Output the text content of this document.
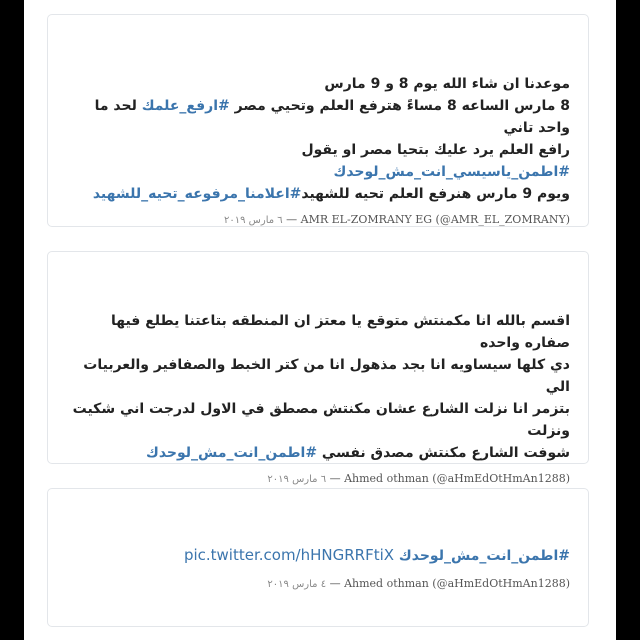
موعدنا ان شاء الله يوم 8 و 9 مارس

8 مارس الساعه 8 مساءً هترفع العلم وتحيي مصر #ارفع_علمك لحد ما واحد تاني

رافع العلم يرد عليك بتحيا مصر او يقول #اطمن_ياسيسي_انت_مش_لوحدك

ويوم 9 مارس هنرفع العلم تحيه للشهيد#اعلامنا_مرفوعه_تحيه_للشهيد

٦ مارس ٢٠١٩ — AMR EL-ZOMRANY EG (@AMR_EL_ZOMRANY)

اقسم بالله انا مكمنتش متوقع يا معتز ان المنطقه بتاعتنا يطلع فيها صفاره واحده

دي كلها سيساويه انا بجد مذهول انا من كتر الخبط والصفافير والعربيات الي

بتزمر انا نزلت الشارع عشان مكنتش مصطق في الاول لدرجت اني شكيت ونزلت

شوفت الشارع مكنتش مصدق نفسي #اطمن_انت_مش_لوحدك

٦ مارس ٢٠١٩ — Ahmed othman (@aHmEdOtHmAn1288)

#اطمن_انت_مش_لوحدك pic.twitter.com/hHNGRRFtiX

٤ مارس ٢٠١٩ — Ahmed othman (@aHmEdOtHmAn1288)
